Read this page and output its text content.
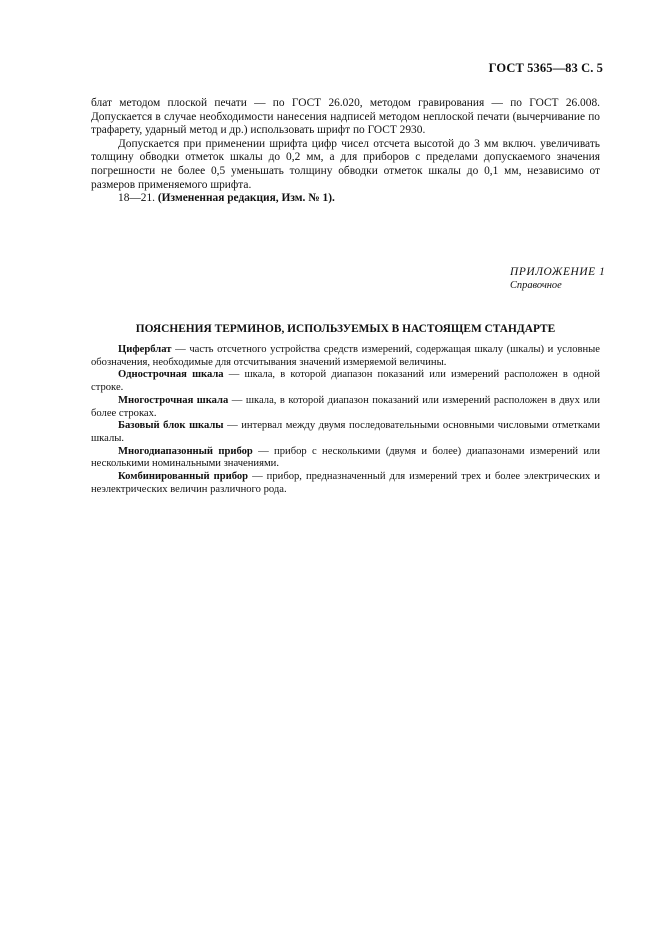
ГОСТ 5365—83 С. 5

блат методом плоской печати — по ГОСТ 26.020, методом гравирования — по ГОСТ 26.008. Допускается в случае необходимости нанесения надписей методом неплоской печати (вычерчивание по трафарету, ударный метод и др.) использовать шрифт по ГОСТ 2930.

Допускается при применении шрифта цифр чисел отсчета высотой до 3 мм включ. увеличивать толщину обводки отметок шкалы до 0,2 мм, а для приборов с пределами допускаемого значения погрешности не более 0,5 уменьшать толщину обводки отметок шкалы до 0,1 мм, независимо от размеров применяемого шрифта.

18—21. (Измененная редакция, Изм. № 1).

ПРИЛОЖЕНИЕ 1
Справочное
ПОЯСНЕНИЯ ТЕРМИНОВ, ИСПОЛЬЗУЕМЫХ В НАСТОЯЩЕМ СТАНДАРТЕ

Циферблат — часть отсчетного устройства средств измерений, содержащая шкалу (шкалы) и условные обозначения, необходимые для отсчитывания значений измеряемой величины.

Однострочная шкала — шкала, в которой диапазон показаний или измерений расположен в одной строке.

Многострочная шкала — шкала, в которой диапазон показаний или измерений расположен в двух или более строках.

Базовый блок шкалы — интервал между двумя последовательными основными числовыми отметками шкалы.

Многодиапазонный прибор — прибор с несколькими (двумя и более) диапазонами измерений или несколькими номинальными значениями.

Комбинированный прибор — прибор, предназначенный для измерений трех и более электрических и неэлектрических величин различного рода.
